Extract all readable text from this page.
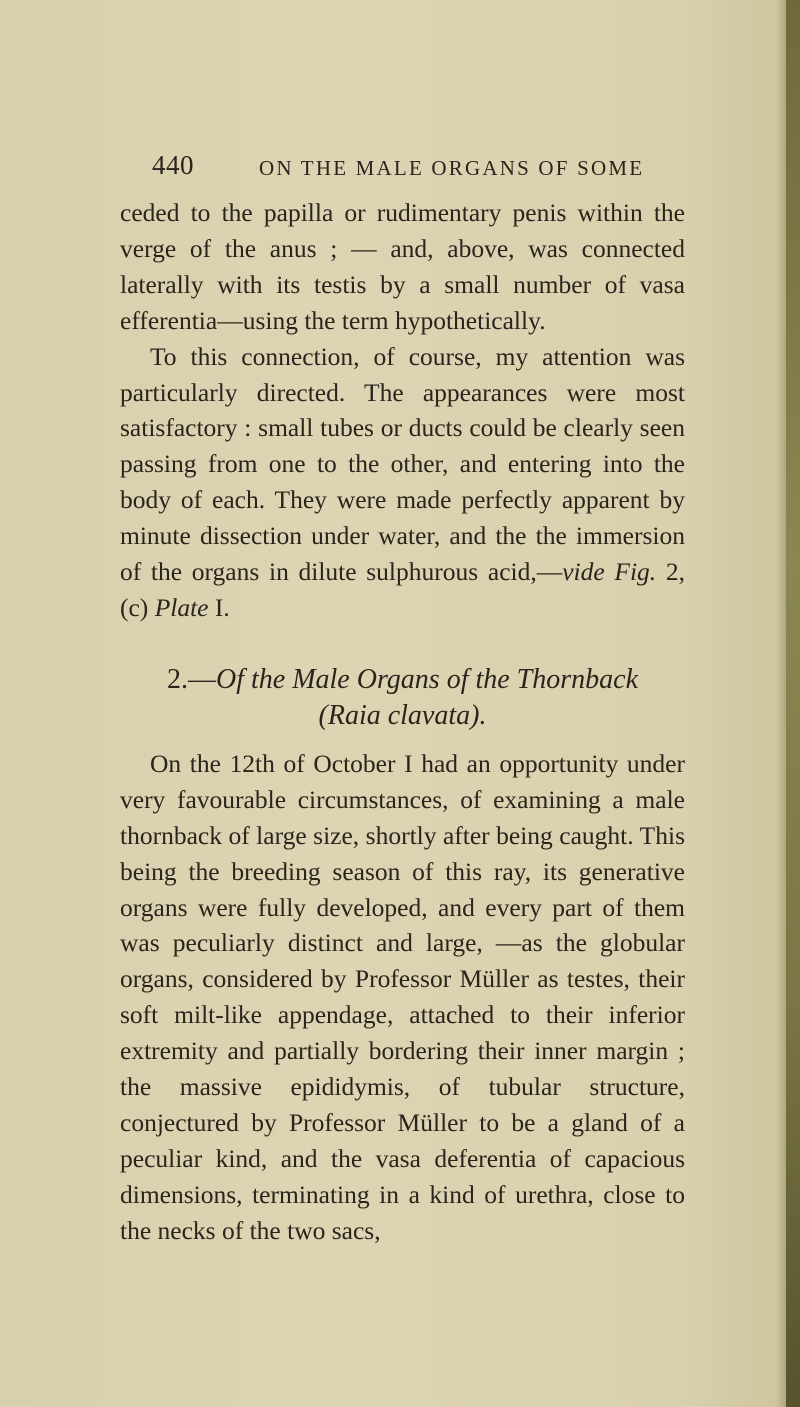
440	ON THE MALE ORGANS OF SOME

ceded to the papilla or rudimentary penis within the verge of the anus ; — and, above, was connected laterally with its testis by a small number of vasa efferentia—using the term hypothetically.

To this connection, of course, my attention was particularly directed. The appearances were most satisfactory : small tubes or ducts could be clearly seen passing from one to the other, and entering into the body of each. They were made perfectly apparent by minute dissection under water, and the the immersion of the organs in dilute sulphurous acid,—vide Fig. 2, (c) Plate I.

2.—Of the Male Organs of the Thornback
(Raia clavata).

On the 12th of October I had an opportunity under very favourable circumstances, of examining a male thornback of large size, shortly after being caught. This being the breeding season of this ray, its generative organs were fully developed, and every part of them was peculiarly distinct and large, —as the globular organs, considered by Professor Müller as testes, their soft milt-like appendage, attached to their inferior extremity and partially bordering their inner margin ; the massive epididymis, of tubular structure, conjectured by Professor Müller to be a gland of a peculiar kind, and the vasa deferentia of capacious dimensions, terminating in a kind of urethra, close to the necks of the two sacs,
